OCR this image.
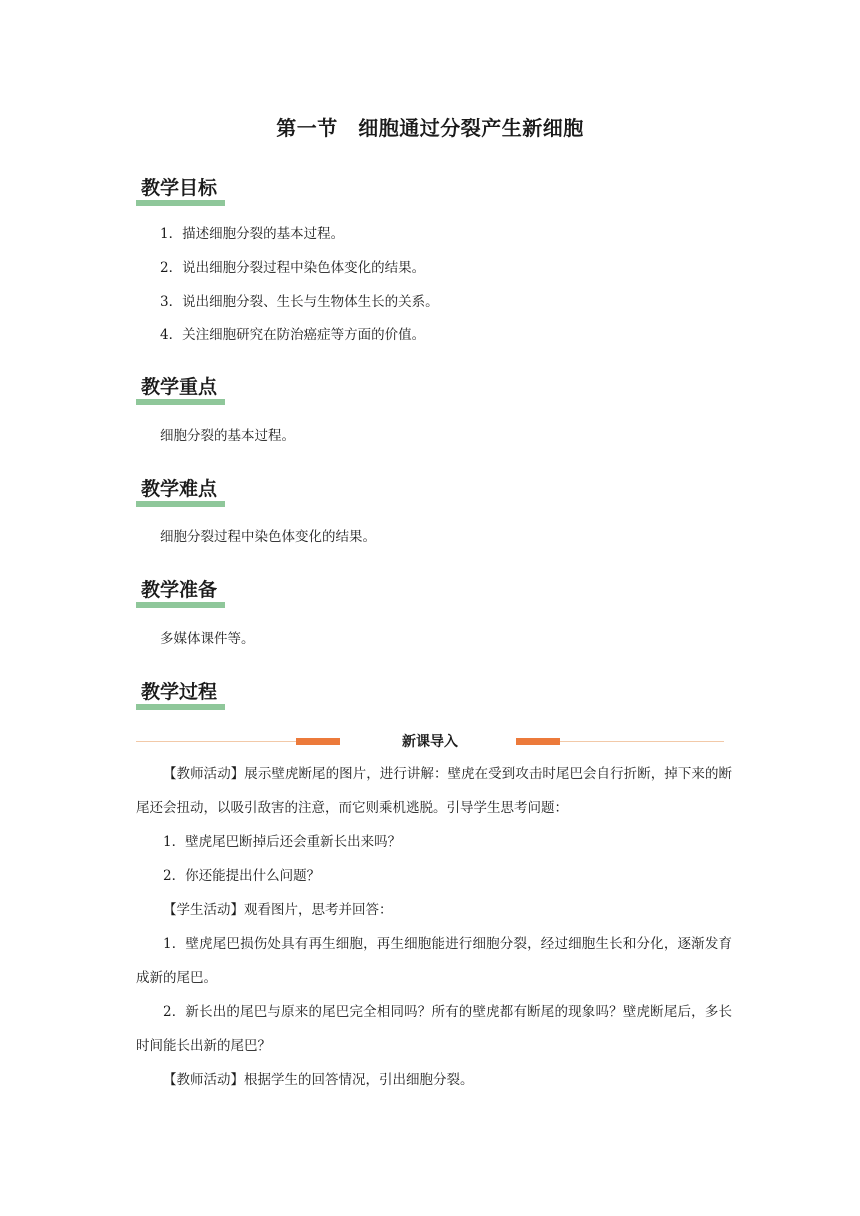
第一节　细胞通过分裂产生新细胞
教学目标
1．描述细胞分裂的基本过程。
2．说出细胞分裂过程中染色体变化的结果。
3．说出细胞分裂、生长与生物体生长的关系。
4．关注细胞研究在防治癌症等方面的价值。
教学重点
细胞分裂的基本过程。
教学难点
细胞分裂过程中染色体变化的结果。
教学准备
多媒体课件等。
教学过程
新课导入
【教师活动】展示壁虎断尾的图片，进行讲解：壁虎在受到攻击时尾巴会自行折断，掉下来的断尾还会扭动，以吸引敌害的注意，而它则乘机逃脱。引导学生思考问题：
1．壁虎尾巴断掉后还会重新长出来吗？
2．你还能提出什么问题？
【学生活动】观看图片，思考并回答：
1．壁虎尾巴损伤处具有再生细胞，再生细胞能进行细胞分裂，经过细胞生长和分化，逐渐发育成新的尾巴。
2．新长出的尾巴与原来的尾巴完全相同吗？所有的壁虎都有断尾的现象吗？壁虎断尾后，多长时间能长出新的尾巴？
【教师活动】根据学生的回答情况，引出细胞分裂。
